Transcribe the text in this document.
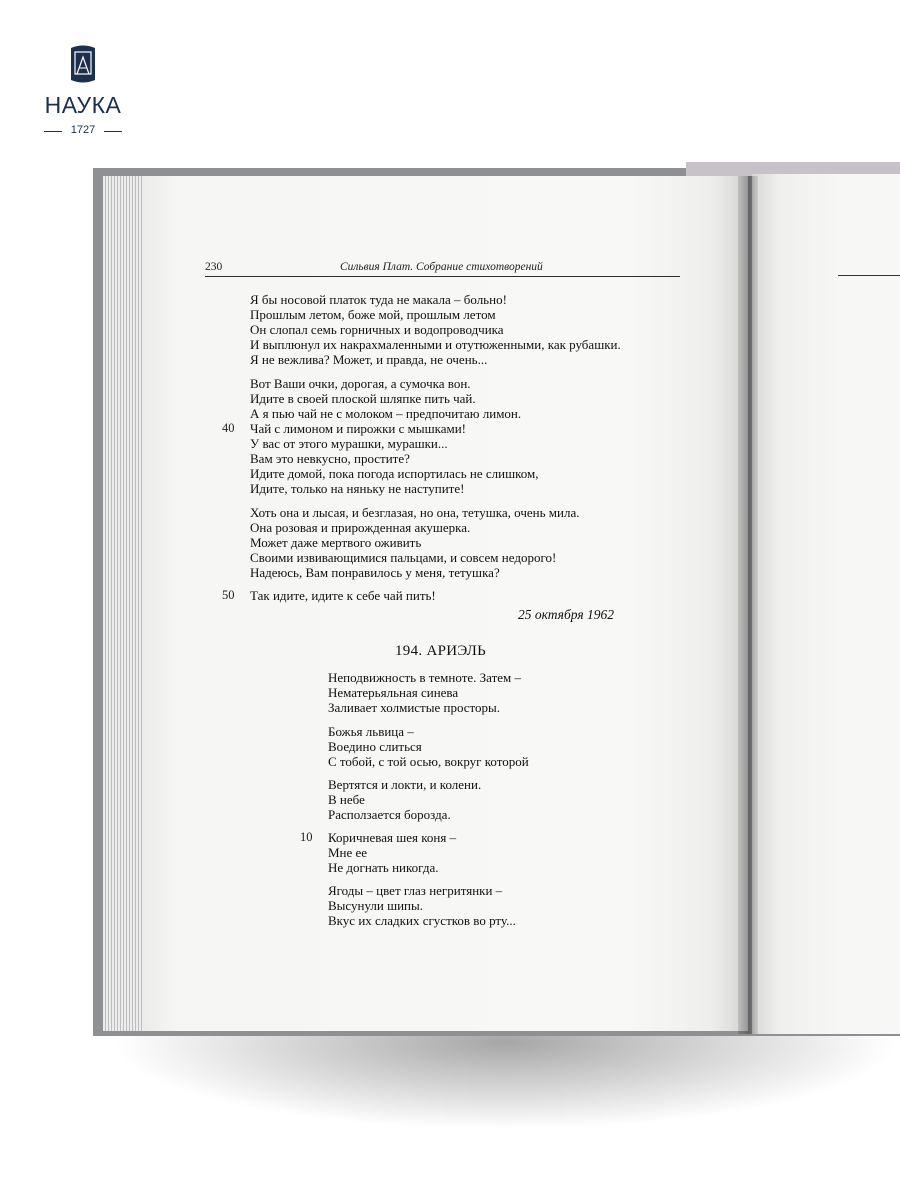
НАУКА
1727
230	Сильвия Плат. Собрание стихотворений
Я бы носовой платок туда не макала – больно!
Прошлым летом, боже мой, прошлым летом
Он слопал семь горничных и водопроводчика
И выплюнул их накрахмаленными и отутюженными, как рубашки.
Я не вежлива? Может, и правда, не очень...
Вот Ваши очки, дорогая, а сумочка вон.
Идите в своей плоской шляпке пить чай.
А я пью чай не с молоком – предпочитаю лимон.
40 Чай с лимоном и пирожки с мышками!
У вас от этого мурашки, мурашки...
Вам это невкусно, простите?
Идите домой, пока погода испортилась не слишком,
Идите, только на няньку не наступите!
Хоть она и лысая, и безглазая, но она, тетушка, очень мила.
Она розовая и прирожденная акушерка.
Может даже мертвого оживить
Своими извивающимися пальцами, и совсем недорого!
Надеюсь, Вам понравилось у меня, тетушка?
50 Так идите, идите к себе чай пить!
25 октября 1962
194. АРИЭЛЬ
Неподвижность в темноте. Затем –
Нематерьяльная синева
Заливает холмистые просторы.
Божья львица –
Воедино слиться
С тобой, с той осью, вокруг которой
Вертятся и локти, и колени.
В небе
Расползается борозда.
10 Коричневая шея коня –
Мне ее
Не догнать никогда.
Ягоды – цвет глаз негритянки –
Высунули шипы.
Вкус их сладких сгустков во рту...
